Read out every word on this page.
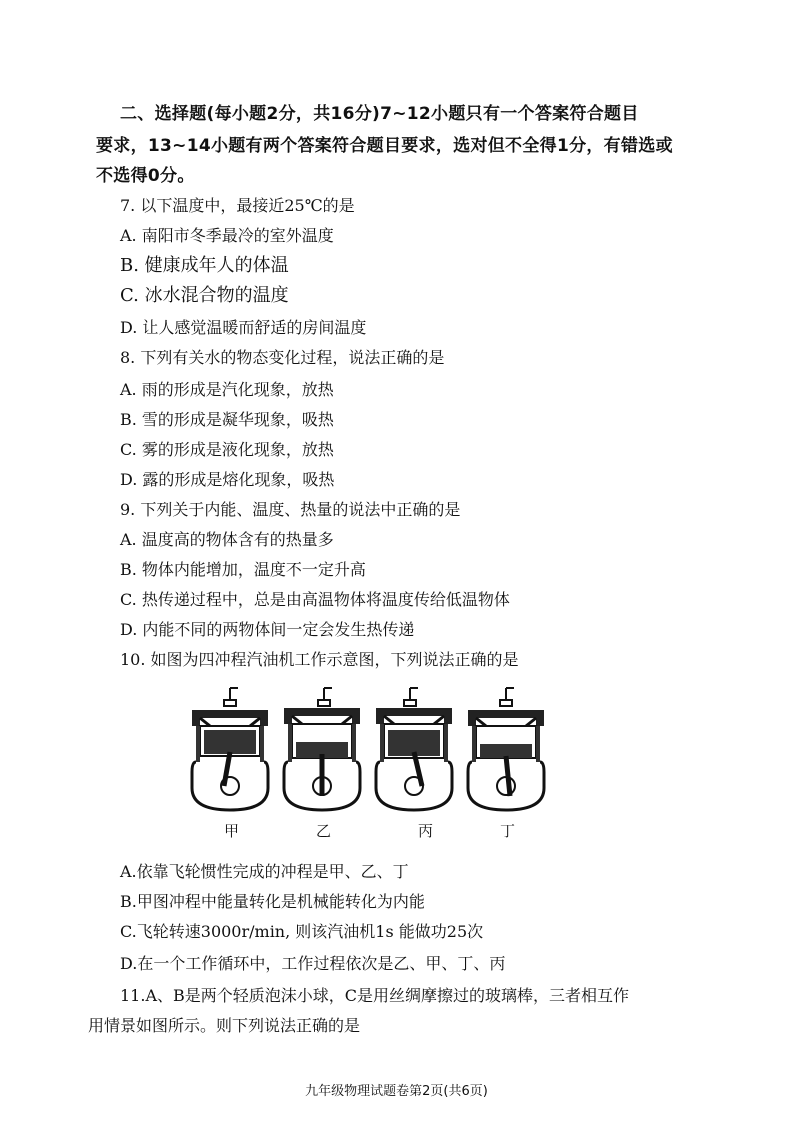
二、选择题(每小题2分，共16分)7~12小题只有一个答案符合题目
要求，13~14小题有两个答案符合题目要求，选对但不全得1分，有错选或
不选得0分。
7. 以下温度中，最接近25℃的是
A. 南阳市冬季最冷的室外温度
B. 健康成年人的体温
C. 冰水混合物的温度
D. 让人感觉温暖而舒适的房间温度
8. 下列有关水的物态变化过程，说法正确的是
A. 雨的形成是汽化现象，放热
B. 雪的形成是凝华现象，吸热
C. 雾的形成是液化现象，放热
D. 露的形成是熔化现象，吸热
9. 下列关于内能、温度、热量的说法中正确的是
A. 温度高的物体含有的热量多
B. 物体内能增加，温度不一定升高
C. 热传递过程中，总是由高温物体将温度传给低温物体
D. 内能不同的两物体间一定会发生热传递
10. 如图为四冲程汽油机工作示意图，下列说法正确的是
甲	乙	丙	丁
A.依靠飞轮惯性完成的冲程是甲、乙、丁
B.甲图冲程中能量转化是机械能转化为内能
C.飞轮转速3000r/min, 则该汽油机1s 能做功25次
D.在一个工作循环中，工作过程依次是乙、甲、丁、丙
11.A、B是两个轻质泡沫小球，C是用丝绸摩擦过的玻璃棒，三者相互作
用情景如图所示。则下列说法正确的是
九年级物理试题卷第2页(共6页)
